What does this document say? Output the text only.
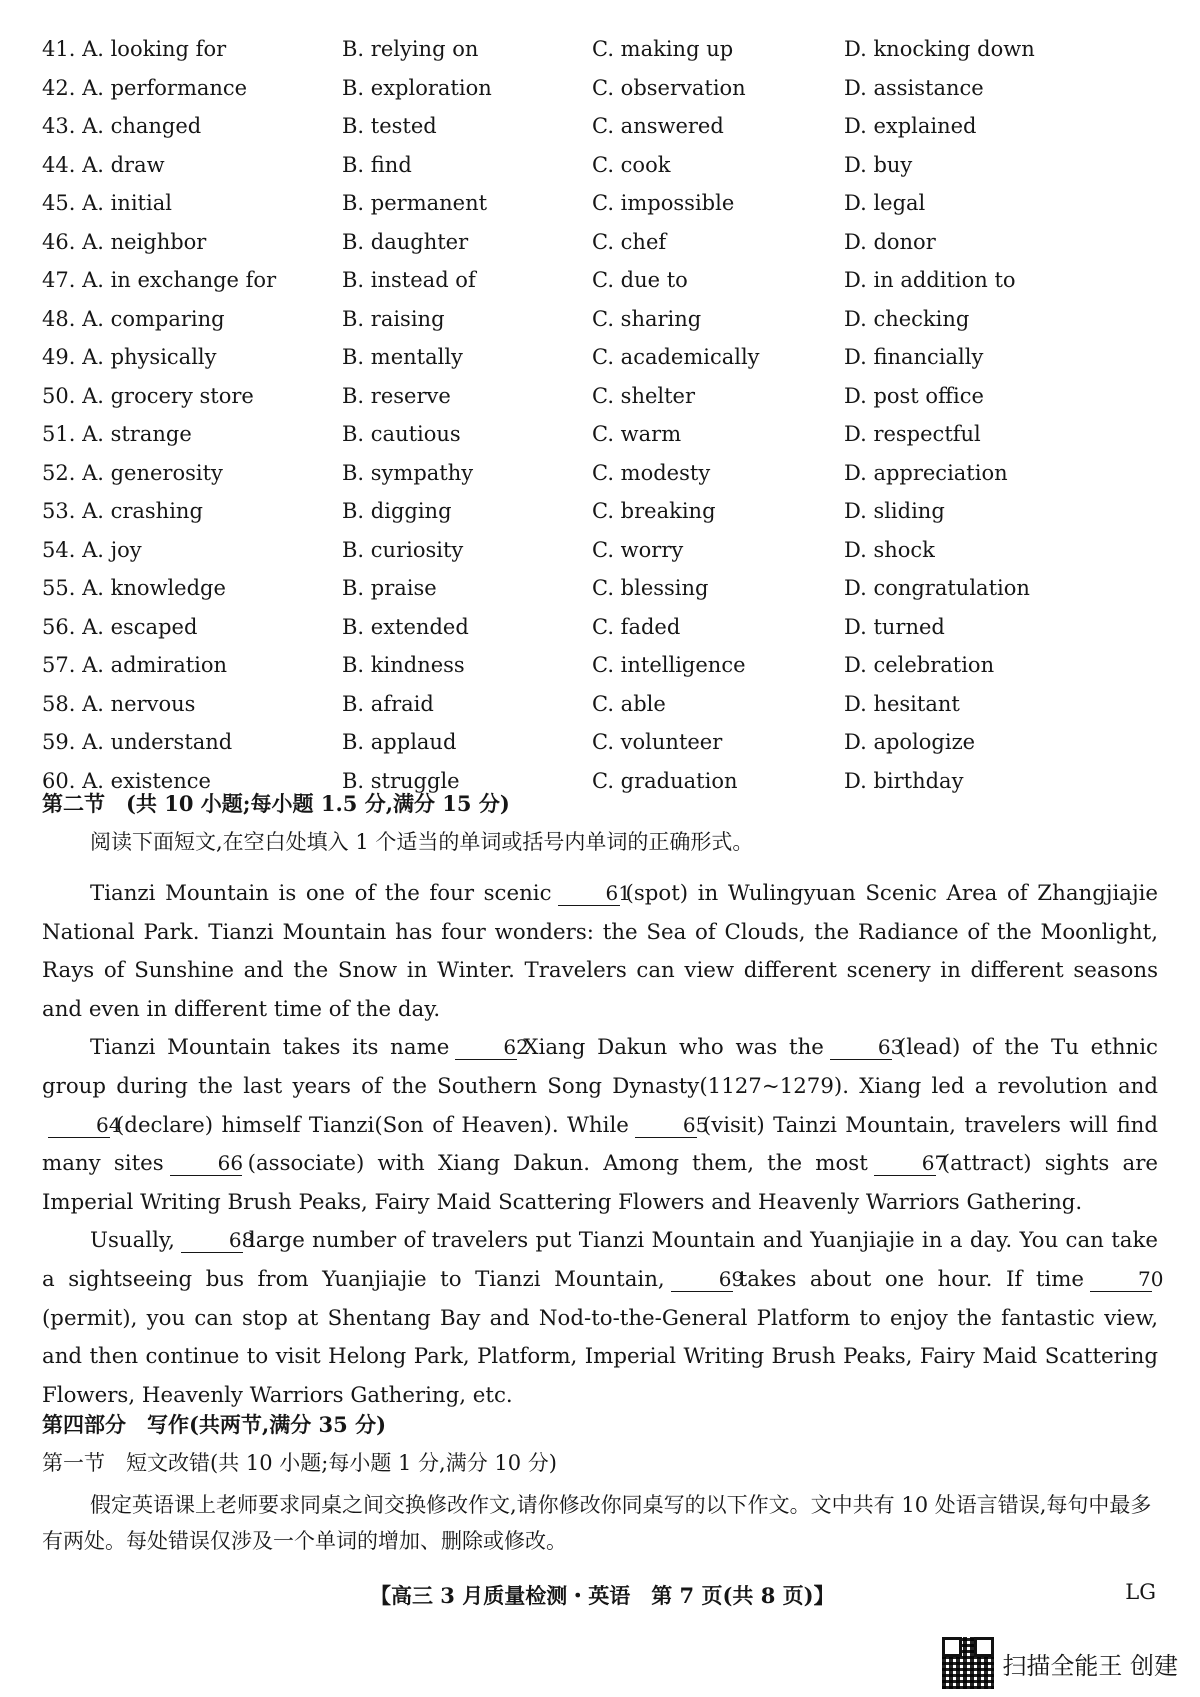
41. A. looking for	B. relying on	C. making up	D. knocking down
42. A. performance	B. exploration	C. observation	D. assistance
43. A. changed	B. tested	C. answered	D. explained
44. A. draw	B. find	C. cook	D. buy
45. A. initial	B. permanent	C. impossible	D. legal
46. A. neighbor	B. daughter	C. chef	D. donor
47. A. in exchange for	B. instead of	C. due to	D. in addition to
48. A. comparing	B. raising	C. sharing	D. checking
49. A. physically	B. mentally	C. academically	D. financially
50. A. grocery store	B. reserve	C. shelter	D. post office
51. A. strange	B. cautious	C. warm	D. respectful
52. A. generosity	B. sympathy	C. modesty	D. appreciation
53. A. crashing	B. digging	C. breaking	D. sliding
54. A. joy	B. curiosity	C. worry	D. shock
55. A. knowledge	B. praise	C. blessing	D. congratulation
56. A. escaped	B. extended	C. faded	D. turned
57. A. admiration	B. kindness	C. intelligence	D. celebration
58. A. nervous	B. afraid	C. able	D. hesitant
59. A. understand	B. applaud	C. volunteer	D. apologize
60. A. existence	B. struggle	C. graduation	D. birthday
第二节　(共 10 小题;每小题 1.5 分,满分 15 分)
阅读下面短文,在空白处填入 1 个适当的单词或括号内单词的正确形式。

Tianzi Mountain is one of the four scenic	61(spot) in Wulingyuan Scenic Area of Zhangjiajie National Park. Tianzi Mountain has four wonders: the Sea of Clouds, the Radiance of the Moonlight, Rays of Sunshine and the Snow in Winter. Travelers can view different scenery in different seasons and even in different time of the day.

Tianzi Mountain takes its name	62Xiang Dakun who was the	63(lead) of the Tu ethnic group during the last years of the Southern Song Dynasty(1127~1279). Xiang led a revolution and64(declare) himself Tianzi(Son of Heaven). While	65(visit) Tainzi Mountain, travelers will find many sites	66 (associate) with Xiang Dakun. Among them, the most	67(attract) sights are Imperial Writing Brush Peaks, Fairy Maid Scattering Flowers and Heavenly Warriors Gathering.

Usually,	68large number of travelers put Tianzi Mountain and Yuanjiajie in a day. You can take a sightseeing bus from Yuanjiajie to Tianzi Mountain,	69takes about one hour. If time	70(permit), you can stop at Shentang Bay and Nod-to-the-General Platform to enjoy the fantastic view, and then continue to visit Helong Park, Platform, Imperial Writing Brush Peaks, Fairy Maid Scattering Flowers, Heavenly Warriors Gathering, etc.

第四部分　写作(共两节,满分 35 分)
第一节　短文改错(共 10 小题;每小题 1 分,满分 10 分)

假定英语课上老师要求同桌之间交换修改作文,请你修改你同桌写的以下作文。文中共有 10 处语言错误,每句中最多有两处。每处错误仅涉及一个单词的增加、删除或修改。

【高三 3 月质量检测・英语　第 7 页(共 8 页)】	LG
扫描全能王 创建
